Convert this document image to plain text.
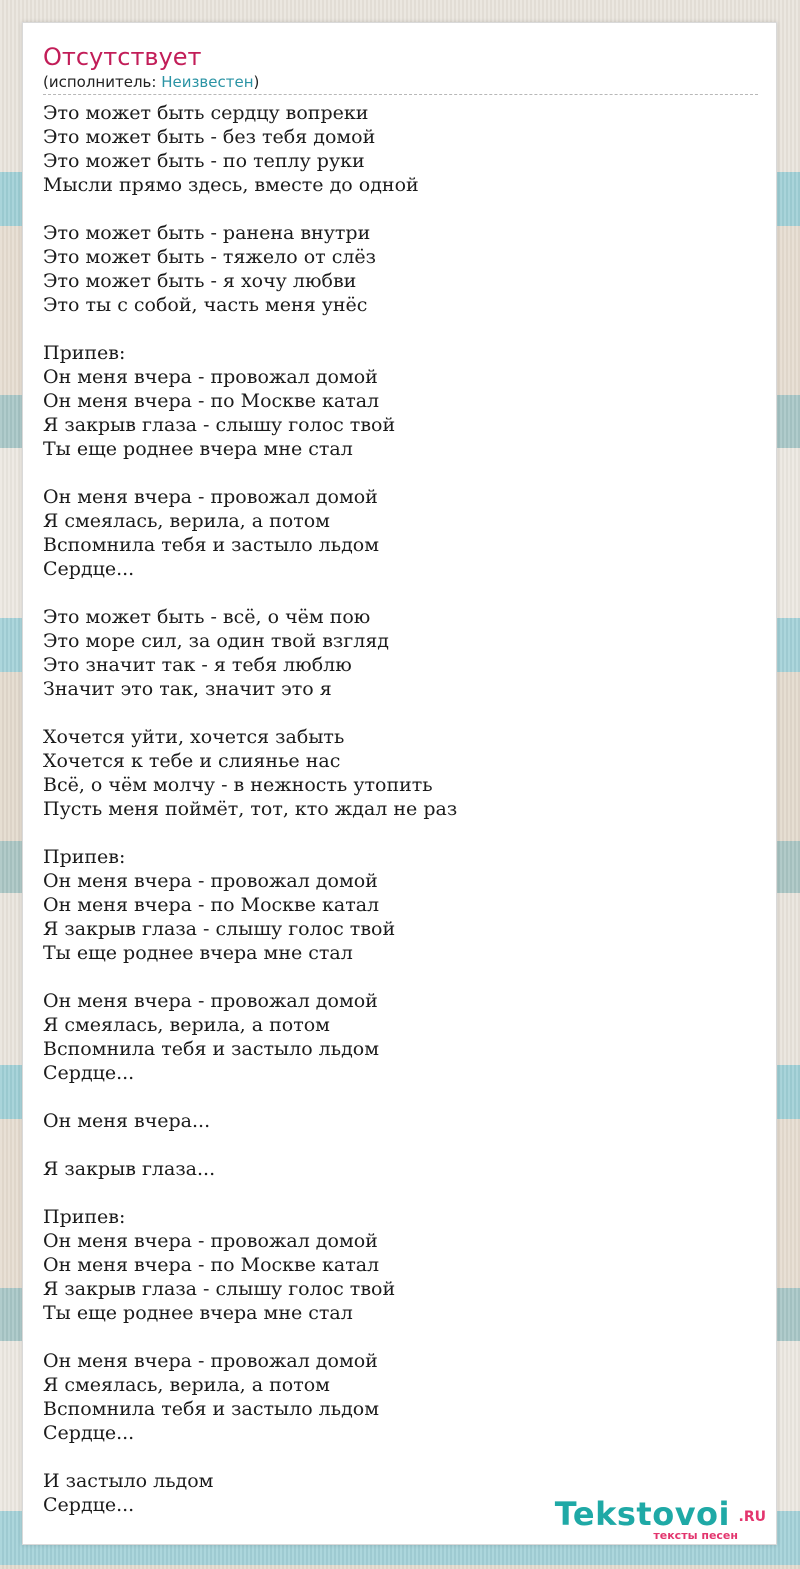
Отсутствует
(исполнитель: Неизвестен)
Это может быть сердцу вопреки
Это может быть - без тебя домой
Это может быть - по теплу руки
Мысли прямо здесь, вместе до одной

Это может быть - ранена внутри
Это может быть - тяжело от слёз
Это может быть - я хочу любви
Это ты с собой, часть меня унёс

Припев:
Он меня вчера - провожал домой
Он меня вчера - по Москве катал
Я закрыв глаза - слышу голос твой
Ты еще роднее вчера мне стал

Он меня вчера - провожал домой
Я смеялась, верила, а потом
Вспомнила тебя и застыло льдом
Сердце...

Это может быть - всё, о чём пою
Это море сил, за один твой взгляд
Это значит так - я тебя люблю
Значит это так, значит это я

Хочется уйти, хочется забыть
Хочется к тебе и слиянье нас
Всё, о чём молчу - в нежность утопить
Пусть меня поймёт, тот, кто ждал не раз

Припев:
Он меня вчера - провожал домой
Он меня вчера - по Москве катал
Я закрыв глаза - слышу голос твой
Ты еще роднее вчера мне стал

Он меня вчера - провожал домой
Я смеялась, верила, а потом
Вспомнила тебя и застыло льдом
Сердце...

Он меня вчера...

Я закрыв глаза...

Припев:
Он меня вчера - провожал домой
Он меня вчера - по Москве катал
Я закрыв глаза - слышу голос твой
Ты еще роднее вчера мне стал

Он меня вчера - провожал домой
Я смеялась, верила, а потом
Вспомнила тебя и застыло льдом
Сердце...

И застыло льдом
Сердце...	Tekstovoi .RU
тексты песен
